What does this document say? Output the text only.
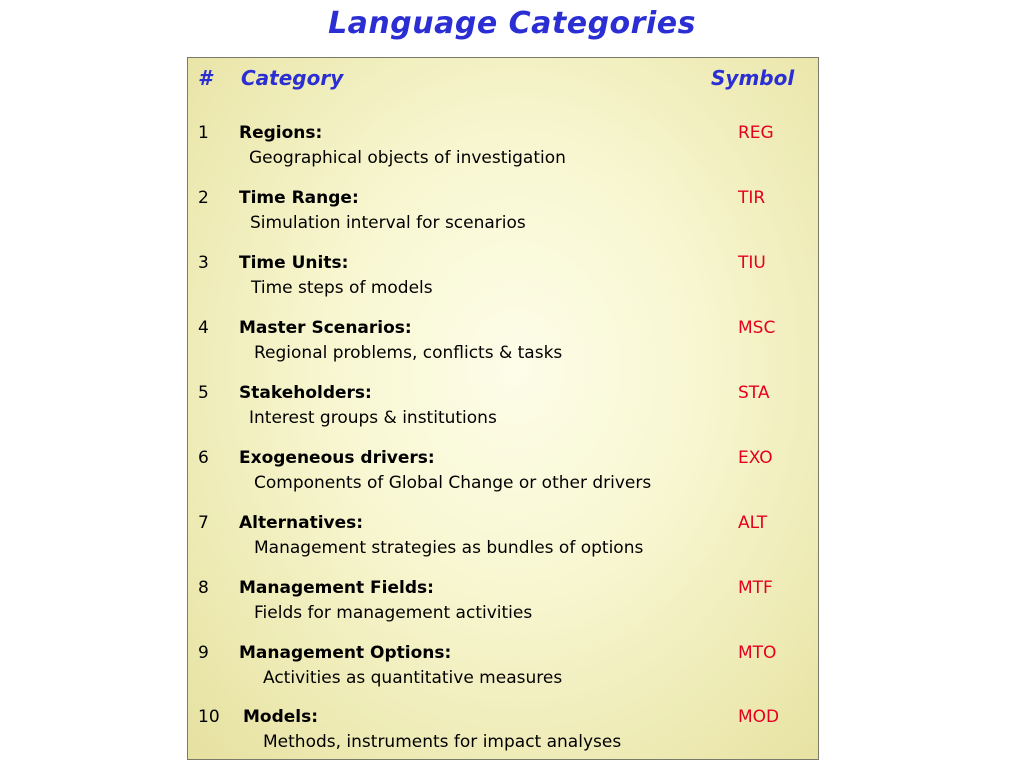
Language Categories
# Category	Symbol
1 Regions:	REG
Geographical objects of investigation
2 Time Range:	TIR
Simulation interval for scenarios
3 Time Units:	TIU
Time steps of models
4 Master Scenarios:	MSC
Regional problems, conflicts & tasks
5 Stakeholders:	STA
Interest groups & institutions
6 Exogeneous drivers:	EXO
Components of Global Change or other drivers
7 Alternatives:	ALT
Management strategies as bundles of options
8 Management Fields:	MTF
Fields for management activities
9 Management Options:	MTO
Activities as quantitative measures
10 Models:	MOD
Methods, instruments for impact analyses
